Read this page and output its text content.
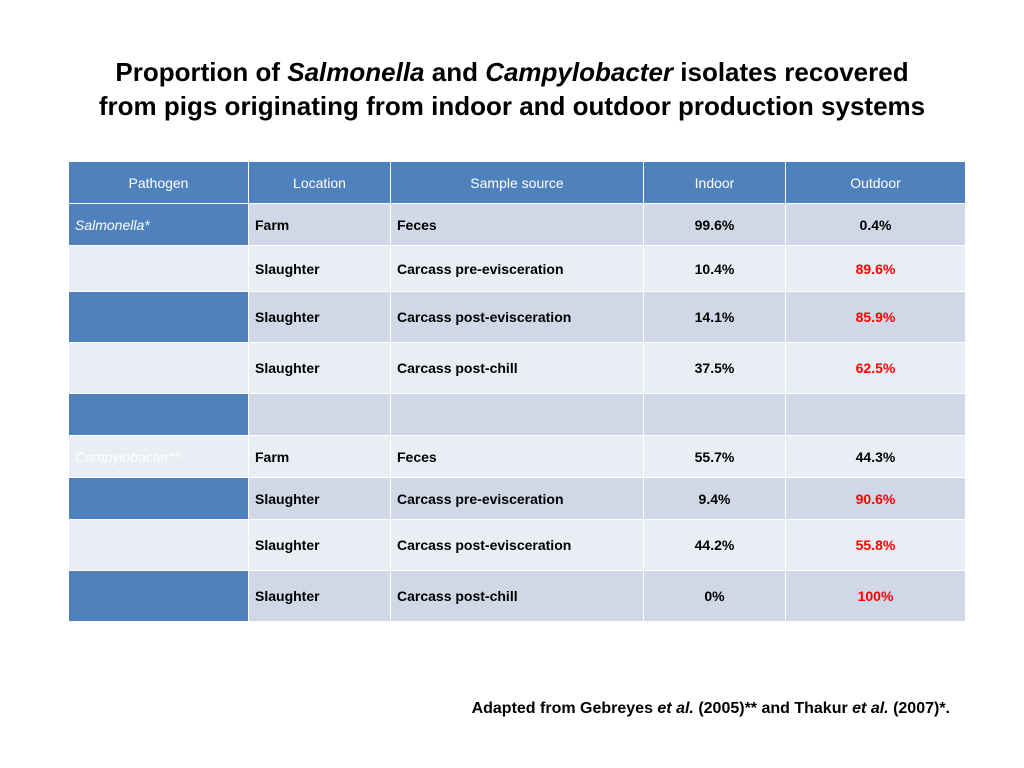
Proportion of Salmonella and Campylobacter isolates recovered
from pigs originating from indoor and outdoor production systems
Pathogen	Location	Sample source	Indoor	Outdoor
Salmonella*	Farm	Feces	99.6%	0.4%
	Slaughter	Carcass pre-evisceration	10.4%	89.6%
	Slaughter	Carcass post-evisceration	14.1%	85.9%
	Slaughter	Carcass post-chill	37.5%	62.5%

Campylobacter**	Farm	Feces	55.7%	44.3%
	Slaughter	Carcass pre-evisceration	9.4%	90.6%
	Slaughter	Carcass post-evisceration	44.2%	55.8%
	Slaughter	Carcass post-chill	0%	100%
Adapted from Gebreyes et al. (2005)** and Thakur et al. (2007)*.
